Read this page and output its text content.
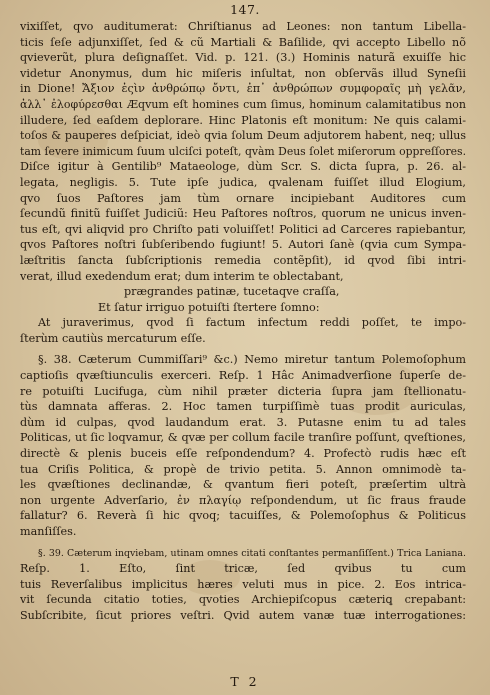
147.
vixiſſet, qvo auditumerat: Chriſtianus ad Leones: non tantum Libella-
ticis ſeſe adjunxiſſet, ſed & cũ Martiali & Baſilide, qvi accepto Libello nõ
qvieverũt, plura deſignaſſet. Vid. p. 121. (3.) Hominis naturã exuiſſe hic
videtur Anonymus, dum hic miſeris inſultat, non obſervãs illud Syneſii
in Dione! Ἄξιον ἐςὶν ἀνθρώπῳ ὄντι, ἐπ᾽ ἀνθρώπων συμφοραῖς μὴ γελᾶν,
ἀλλ᾽ ἐλοφύρεσθαι Æqvum eſt homines cum ſimus, hominum calamitatibus non
illudere, ſed eaſdem deplorare. Hinc Platonis eſt monitum: Ne quis calami-
toſos & pauperes deſpiciat, ideò qvia ſolum Deum adjutorem habent, neq; ullus
tam ſevere inimicum ſuum ulciſci poteſt, qvàm Deus ſolet miſerorum oppreſſores.
Diſce igitur à Gentilib⁹ Mataeologe, dùm Scr. S. dicta ſupra, p. 26. al-
legata, negligis. 5. Tute ipſe judica, qvalenam fuiſſet illud Elogium,
qvo ſuos Paſtores jam tùm ornare incipiebant Auditores cum
ſecundũ finitũ fuiſſet Judiciũ: Heu Paſtores noſtros, quorum ne unicus inven-
tus eſt, qvi aliqvid pro Chriſto pati voluiſſet! Politici ad Carceres rapiebantur,
qvos Paſtores noſtri ſubſeribendo fugiunt! 5. Autori ſanè (qvia cum Sympa-
læſtritis ſancta ſubſcriptionis remedia contẽpſit), id qvod ſibi intri-
verat, illud exedendum erat; dum interim te oblectabant,
prægrandes patinæ, tucetaqve craſſa,
Et ſatur irriguo potuiſti ſtertere ſomno:
At juraverimus, qvod ſi factum infectum reddi poſſet, te impo-
ſterùm cautiùs mercaturum eſſe.
§. 38. Cæterum Cummiſſari⁹ &c.) Nemo miretur tantum Polemoſophum
captioſis qvæſtiunculis exerceri. Reſp. 1 Hâc Animadverſione ſuperſe de-
re potuiſti Lucifuga, cùm nihil præter dicteria ſupra jam ſtellionatu-
tùs damnata afferas. 2. Hoc tamen turpiſſimè tuas prodit auriculas,
dùm id culpas, qvod laudandum erat. 3. Putasne enim tu ad tales
Politicas, ut ſic loqvamur, & qvæ per collum facile tranſire poſſunt, qveſtiones,
directè & plenis buceis eſſe reſpondendum? 4. Profectò rudis hæc eſt
tua Criſis Politica, & propè de trivio petita. 5. Annon omnimodè ta-
les qvæſtiones declinandæ, & qvantum fieri poteſt, præſertim ultrà
non urgente Adverſario, ἐν πλαγίῳ reſpondendum, ut ſic fraus fraude
fallatur? 6. Reverà ſi hic qvoq; tacuiſſes, & Polemoſophus & Politicus
manſiſſes.
§. 39. Cæterum inqviebam, utinam omnes citati conſtantes permanſiſſent.) Trica Laniana.
Reſp. 1. Eſto, ſint tricæ, ſed qvibus tu cum
tuis Reverſalibus implicitus hæres veluti mus in pice. 2. Eos intrica-
vit ſecunda citatio toties, qvoties Archiepiſcopus cæteriꝗ crepabant:
Subſcribite, ſicut priores veſtri. Qvid autem vanæ tuæ interrogationes:
T 2
